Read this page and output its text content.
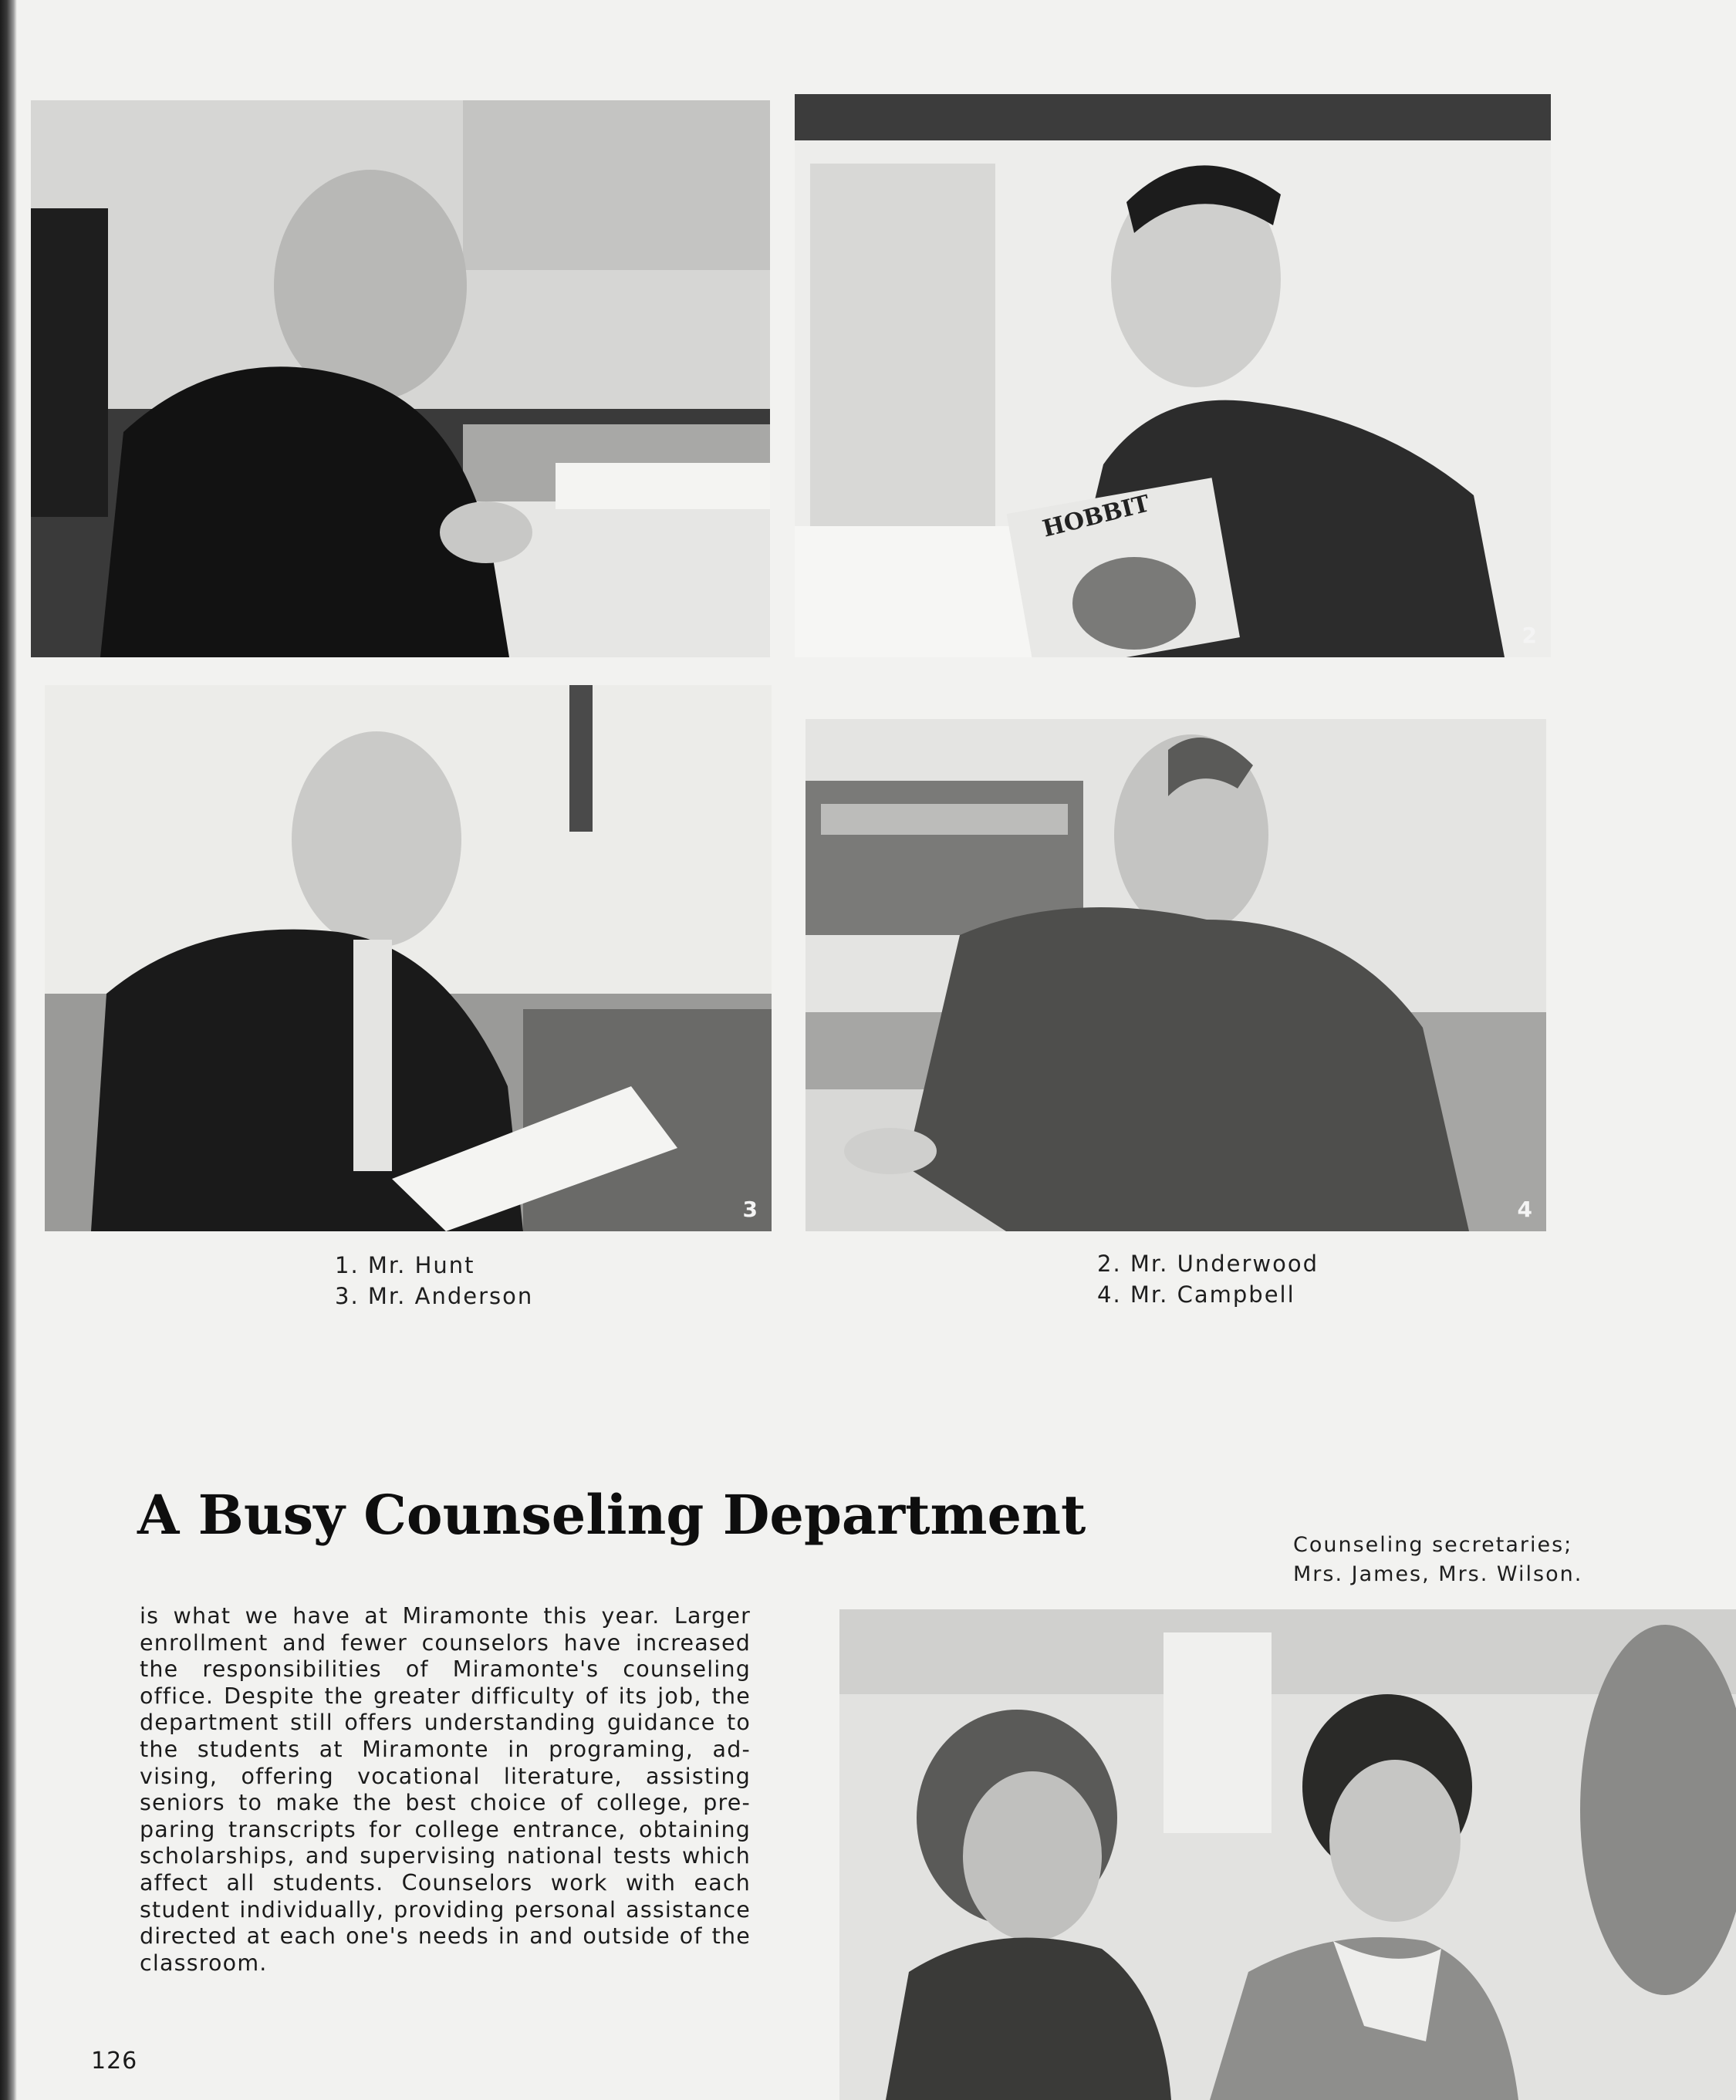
HOBBIT
2
3	4
1. Mr. Hunt
3. Mr. Anderson
2. Mr. Underwood
4. Mr. Campbell
A Busy Counseling Department	Counseling secretaries;
Mrs. James, Mrs. Wilson.
is what we have at Miramonte this year. Larger enrollment and fewer counselors have increased the responsibilities of Miramonte's counseling office. Despite the greater difficulty of its job, the department still offers understanding guidance to the students at Miramonte in programing, ad- vising, offering vocational literature, assisting seniors to make the best choice of college, pre- paring transcripts for college entrance, obtaining scholarships, and supervising national tests which affect all students. Counselors work with each student individually, providing personal assistance directed at each one's needs in and outside of the classroom.
126
